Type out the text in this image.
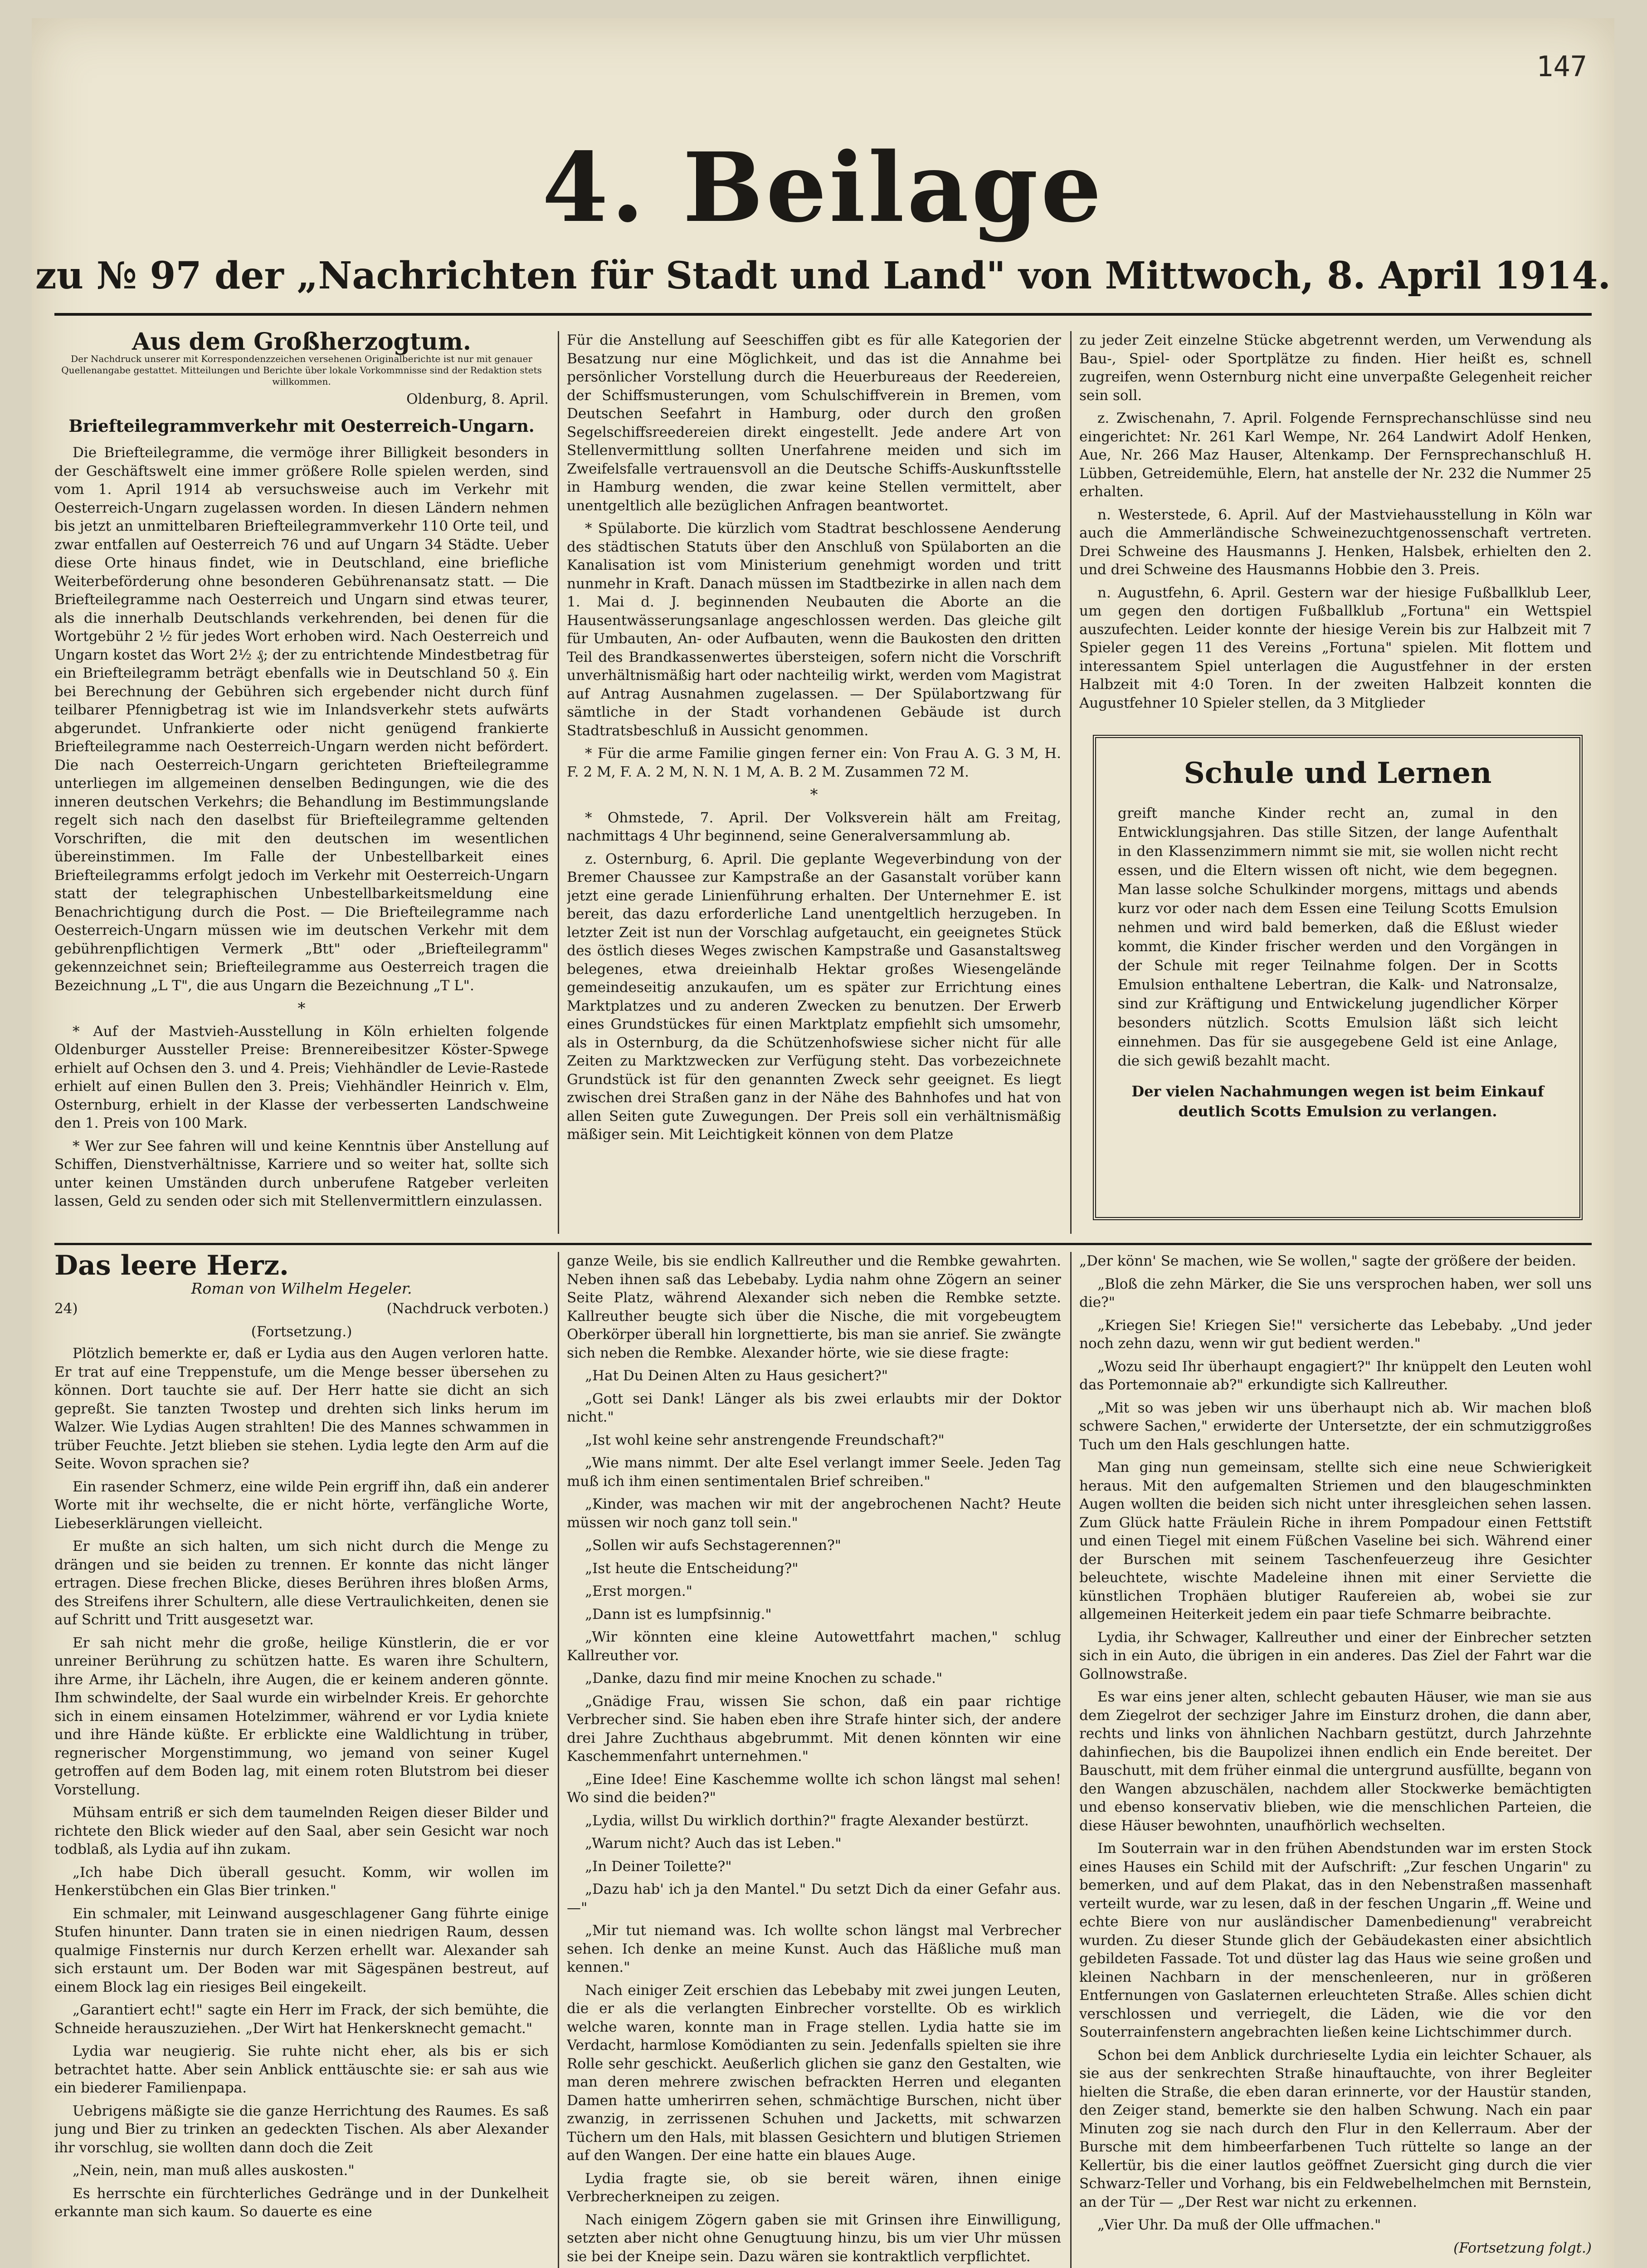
147
4. Beilage
zu № 97 der „Nachrichten für Stadt und Land" von Mittwoch, 8. April 1914.
Aus dem Großherzogtum.
Der Nachdruck unserer mit Korrespondenzzeichen versehenen Originalberichte ist nur mit genauer Quellenangabe gestattet. Mitteilungen und Berichte über lokale Vorkommnisse sind der Redaktion stets willkommen.
Oldenburg, 8. April.
Briefteilegrammverkehr mit Oesterreich-Ungarn.

Die Briefteilegramme, die vermöge ihrer Billigkeit besonders in der Geschäftswelt eine immer größere Rolle spielen werden, sind vom 1. April 1914 ab versuchsweise auch im Verkehr mit Oesterreich-Ungarn zugelassen worden. In diesen Ländern nehmen bis jetzt an unmittelbaren Briefteilegrammverkehr 110 Orte teil, und zwar entfallen auf Oesterreich 76 und auf Ungarn 34 Städte. Ueber diese Orte hinaus findet, wie in Deutschland, eine briefliche Weiterbeförderung ohne besonderen Gebührenansatz statt. — Die Briefteilegramme nach Oesterreich und Ungarn sind etwas teurer, als die innerhalb Deutschlands verkehrenden, bei denen für die Wortgebühr 2 ½ für jedes Wort erhoben wird. Nach Oesterreich und Ungarn kostet das Wort 2½ ₰; der zu entrichtende Mindestbetrag für ein Briefteilegramm beträgt ebenfalls wie in Deutschland 50 ₰. Ein bei Berechnung der Gebühren sich ergebender nicht durch fünf teilbarer Pfennigbetrag ist wie im Inlandsverkehr stets aufwärts abgerundet. Unfrankierte oder nicht genügend frankierte Briefteilegramme nach Oesterreich-Ungarn werden nicht befördert. Die nach Oesterreich-Ungarn gerichteten Briefteilegramme unterliegen im allgemeinen denselben Bedingungen, wie die des inneren deutschen Verkehrs; die Behandlung im Bestimmungslande regelt sich nach den daselbst für Briefteilegramme geltenden Vorschriften, die mit den deutschen im wesentlichen übereinstimmen. Im Falle der Unbestellbarkeit eines Briefteilegramms erfolgt jedoch im Verkehr mit Oesterreich-Ungarn statt der telegraphischen Unbestellbarkeitsmeldung eine Benachrichtigung durch die Post. — Die Briefteilegramme nach Oesterreich-Ungarn müssen wie im deutschen Verkehr mit dem gebührenpflichtigen Vermerk „Btt" oder „Briefteilegramm" gekennzeichnet sein; Briefteilegramme aus Oesterreich tragen die Bezeichnung „L T", die aus Ungarn die Bezeichnung „T L".

*

* Auf der Mastvieh-Ausstellung in Köln erhielten folgende Oldenburger Aussteller Preise: Brennereibesitzer Köster-Spwege erhielt auf Ochsen den 3. und 4. Preis; Viehhändler de Levie-Rastede erhielt auf einen Bullen den 3. Preis; Viehhändler Heinrich v. Elm, Osternburg, erhielt in der Klasse der verbesserten Landschweine den 1. Preis von 100 Mark.

* Wer zur See fahren will und keine Kenntnis über Anstellung auf Schiffen, Dienstverhältnisse, Karriere und so weiter hat, sollte sich unter keinen Umständen durch unberufene Ratgeber verleiten lassen, Geld zu senden oder sich mit Stellenvermittlern einzulassen.

Für die Anstellung auf Seeschiffen gibt es für alle Kategorien der Besatzung nur eine Möglichkeit, und das ist die Annahme bei persönlicher Vorstellung durch die Heuerbureaus der Reedereien, der Schiffsmusterungen, vom Schulschiffverein in Bremen, vom Deutschen Seefahrt in Hamburg, oder durch den großen Segelschiffsreedereien direkt eingestellt. Jede andere Art von Stellenvermittlung sollten Unerfahrene meiden und sich im Zweifelsfalle vertrauensvoll an die Deutsche Schiffs-Auskunftsstelle in Hamburg wenden, die zwar keine Stellen vermittelt, aber unentgeltlich alle bezüglichen Anfragen beantwortet.

* Spülaborte. Die kürzlich vom Stadtrat beschlossene Aenderung des städtischen Statuts über den Anschluß von Spülaborten an die Kanalisation ist vom Ministerium genehmigt worden und tritt nunmehr in Kraft. Danach müssen im Stadtbezirke in allen nach dem 1. Mai d. J. beginnenden Neubauten die Aborte an die Hausentwässerungsanlage angeschlossen werden. Das gleiche gilt für Umbauten, An- oder Aufbauten, wenn die Baukosten den dritten Teil des Brandkassenwertes übersteigen, sofern nicht die Vorschrift unverhältnismäßig hart oder nachteilig wirkt, werden vom Magistrat auf Antrag Ausnahmen zugelassen. — Der Spülabortzwang für sämtliche in der Stadt vorhandenen Gebäude ist durch Stadtratsbeschluß in Aussicht genommen.

* Für die arme Familie gingen ferner ein: Von Frau A. G. 3 M, H. F. 2 M, F. A. 2 M, N. N. 1 M, A. B. 2 M. Zusammen 72 M.

*

* Ohmstede, 7. April. Der Volksverein hält am Freitag, nachmittags 4 Uhr beginnend, seine Generalversammlung ab.

z. Osternburg, 6. April. Die geplante Wegeverbindung von der Bremer Chaussee zur Kampstraße an der Gasanstalt vorüber kann jetzt eine gerade Linienführung erhalten. Der Unternehmer E. ist bereit, das dazu erforderliche Land unentgeltlich herzugeben. In letzter Zeit ist nun der Vorschlag aufgetaucht, ein geeignetes Stück des östlich dieses Weges zwischen Kampstraße und Gasanstaltsweg belegenes, etwa dreieinhalb Hektar großes Wiesengelände gemeindeseitig anzukaufen, um es später zur Errichtung eines Marktplatzes und zu anderen Zwecken zu benutzen. Der Erwerb eines Grundstückes für einen Marktplatz empfiehlt sich umsomehr, als in Osternburg, da die Schützenhofswiese sicher nicht für alle Zeiten zu Marktzwecken zur Verfügung steht. Das vorbezeichnete Grundstück ist für den genannten Zweck sehr geeignet. Es liegt zwischen drei Straßen ganz in der Nähe des Bahnhofes und hat von allen Seiten gute Zuwegungen. Der Preis soll ein verhältnismäßig mäßiger sein. Mit Leichtigkeit können von dem Platze

zu jeder Zeit einzelne Stücke abgetrennt werden, um Verwendung als Bau-, Spiel- oder Sportplätze zu finden. Hier heißt es, schnell zugreifen, wenn Osternburg nicht eine unverpaßte Gelegenheit reicher sein soll.

z. Zwischenahn, 7. April. Folgende Fernsprechanschlüsse sind neu eingerichtet: Nr. 261 Karl Wempe, Nr. 264 Landwirt Adolf Henken, Aue, Nr. 266 Maz Hauser, Altenkamp. Der Fernsprechanschluß H. Lübben, Getreidemühle, Elern, hat anstelle der Nr. 232 die Nummer 25 erhalten.

n. Westerstede, 6. April. Auf der Mastviehausstellung in Köln war auch die Ammerländische Schweinezuchtgenossenschaft vertreten. Drei Schweine des Hausmanns J. Henken, Halsbek, erhielten den 2. und drei Schweine des Hausmanns Hobbie den 3. Preis.

n. Augustfehn, 6. April. Gestern war der hiesige Fußballklub Leer, um gegen den dortigen Fußballklub „Fortuna" ein Wettspiel auszufechten. Leider konnte der hiesige Verein bis zur Halbzeit mit 7 Spieler gegen 11 des Vereins „Fortuna" spielen. Mit flottem und interessantem Spiel unterlagen die Augustfehner in der ersten Halbzeit mit 4:0 Toren. In der zweiten Halbzeit konnten die Augustfehner 10 Spieler stellen, da 3 Mitglieder

Schule und Lernen
greift manche Kinder recht an, zumal in den Entwicklungsjahren. Das stille Sitzen, der lange Aufenthalt in den Klassenzimmern nimmt sie mit, sie wollen nicht recht essen, und die Eltern wissen oft nicht, wie dem begegnen. Man lasse solche Schulkinder morgens, mittags und abends kurz vor oder nach dem Essen eine Teilung Scotts Emulsion nehmen und wird bald bemerken, daß die Eßlust wieder kommt, die Kinder frischer werden und den Vorgängen in der Schule mit reger Teilnahme folgen. Der in Scotts Emulsion enthaltene Lebertran, die Kalk- und Natronsalze, sind zur Kräftigung und Entwickelung jugendlicher Körper besonders nützlich. Scotts Emulsion läßt sich leicht einnehmen. Das für sie ausgegebene Geld ist eine Anlage, die sich gewiß bezahlt macht.
Der vielen Nachahmungen wegen ist beim Einkauf deutlich Scotts Emulsion zu verlangen.
Das leere Herz.
Roman von Wilhelm Hegeler.
24)	(Nachdruck verboten.)
(Fortsetzung.)

Plötzlich bemerkte er, daß er Lydia aus den Augen verloren hatte. Er trat auf eine Treppenstufe, um die Menge besser übersehen zu können. Dort tauchte sie auf. Der Herr hatte sie dicht an sich gepreßt. Sie tanzten Twostep und drehten sich links herum im Walzer. Wie Lydias Augen strahlten! Die des Mannes schwammen in trüber Feuchte. Jetzt blieben sie stehen. Lydia legte den Arm auf die Seite. Wovon sprachen sie?

Ein rasender Schmerz, eine wilde Pein ergriff ihn, daß ein anderer Worte mit ihr wechselte, die er nicht hörte, verfängliche Worte, Liebeserklärungen vielleicht.

Er mußte an sich halten, um sich nicht durch die Menge zu drängen und sie beiden zu trennen. Er konnte das nicht länger ertragen. Diese frechen Blicke, dieses Berühren ihres bloßen Arms, des Streifens ihrer Schultern, alle diese Vertraulichkeiten, denen sie auf Schritt und Tritt ausgesetzt war.

Er sah nicht mehr die große, heilige Künstlerin, die er vor unreiner Berührung zu schützen hatte. Es waren ihre Schultern, ihre Arme, ihr Lächeln, ihre Augen, die er keinem anderen gönnte. Ihm schwindelte, der Saal wurde ein wirbelnder Kreis. Er gehorchte sich in einem einsamen Hotelzimmer, während er vor Lydia kniete und ihre Hände küßte. Er erblickte eine Waldlichtung in trüber, regnerischer Morgenstimmung, wo jemand von seiner Kugel getroffen auf dem Boden lag, mit einem roten Blutstrom bei dieser Vorstellung.

Mühsam entriß er sich dem taumelnden Reigen dieser Bilder und richtete den Blick wieder auf den Saal, aber sein Gesicht war noch todblaß, als Lydia auf ihn zukam.

„Ich habe Dich überall gesucht. Komm, wir wollen im Henkerstübchen ein Glas Bier trinken."

Ein schmaler, mit Leinwand ausgeschlagener Gang führte einige Stufen hinunter. Dann traten sie in einen niedrigen Raum, dessen qualmige Finsternis nur durch Kerzen erhellt war. Alexander sah sich erstaunt um. Der Boden war mit Sägespänen bestreut, auf einem Block lag ein riesiges Beil eingekeilt.

„Garantiert echt!" sagte ein Herr im Frack, der sich bemühte, die Schneide herauszuziehen. „Der Wirt hat Henkersknecht gemacht."

Lydia war neugierig. Sie ruhte nicht eher, als bis er sich betrachtet hatte. Aber sein Anblick enttäuschte sie: er sah aus wie ein biederer Familienpapa.

Uebrigens mäßigte sie die ganze Herrichtung des Raumes. Es saß jung und Bier zu trinken an gedeckten Tischen. Als aber Alexander ihr vorschlug, sie wollten dann doch die Zeit

„Nein, nein, man muß alles auskosten."

Es herrschte ein fürchterliches Gedränge und in der Dunkelheit erkannte man sich kaum. So dauerte es eine

ganze Weile, bis sie endlich Kallreuther und die Rembke gewahrten. Neben ihnen saß das Lebebaby. Lydia nahm ohne Zögern an seiner Seite Platz, während Alexander sich neben die Rembke setzte. Kallreuther beugte sich über die Nische, die mit vorgebeugtem Oberkörper überall hin lorgnettierte, bis man sie anrief. Sie zwängte sich neben die Rembke. Alexander hörte, wie sie diese fragte:

„Hat Du Deinen Alten zu Haus gesichert?"

„Gott sei Dank! Länger als bis zwei erlaubts mir der Doktor nicht."

„Ist wohl keine sehr anstrengende Freundschaft?"

„Wie mans nimmt. Der alte Esel verlangt immer Seele. Jeden Tag muß ich ihm einen sentimentalen Brief schreiben."

„Kinder, was machen wir mit der angebrochenen Nacht? Heute müssen wir noch ganz toll sein."

„Sollen wir aufs Sechstagerennen?"

„Ist heute die Entscheidung?"

„Erst morgen."

„Dann ist es lumpfsinnig."

„Wir könnten eine kleine Autowettfahrt machen," schlug Kallreuther vor.

„Danke, dazu find mir meine Knochen zu schade."

„Gnädige Frau, wissen Sie schon, daß ein paar richtige Verbrecher sind. Sie haben eben ihre Strafe hinter sich, der andere drei Jahre Zuchthaus abgebrummt. Mit denen könnten wir eine Kaschemmenfahrt unternehmen."

„Eine Idee! Eine Kaschemme wollte ich schon längst mal sehen! Wo sind die beiden?"

„Lydia, willst Du wirklich dorthin?" fragte Alexander bestürzt.

„Warum nicht? Auch das ist Leben."

„In Deiner Toilette?"

„Dazu hab' ich ja den Mantel." Du setzt Dich da einer Gefahr aus. —"

„Mir tut niemand was. Ich wollte schon längst mal Verbrecher sehen. Ich denke an meine Kunst. Auch das Häßliche muß man kennen."

Nach einiger Zeit erschien das Lebebaby mit zwei jungen Leuten, die er als die verlangten Einbrecher vorstellte. Ob es wirklich welche waren, konnte man in Frage stellen. Lydia hatte sie im Verdacht, harmlose Komödianten zu sein. Jedenfalls spielten sie ihre Rolle sehr geschickt. Aeußerlich glichen sie ganz den Gestalten, wie man deren mehrere zwischen befrackten Herren und eleganten Damen hatte umherirren sehen, schmächtige Burschen, nicht über zwanzig, in zerrissenen Schuhen und Jacketts, mit schwarzen Tüchern um den Hals, mit blassen Gesichtern und blutigen Striemen auf den Wangen. Der eine hatte ein blaues Auge.

Lydia fragte sie, ob sie bereit wären, ihnen einige Verbrecherkneipen zu zeigen.

Nach einigem Zögern gaben sie mit Grinsen ihre Einwilligung, setzten aber nicht ohne Genugtuung hinzu, bis um vier Uhr müssen sie bei der Kneipe sein. Dazu wären sie kontraktlich verpflichtet.

„Der könn' Se machen, wie Se wollen," sagte der größere der beiden.

„Bloß die zehn Märker, die Sie uns versprochen haben, wer soll uns die?"

„Kriegen Sie! Kriegen Sie!" versicherte das Lebebaby. „Und jeder noch zehn dazu, wenn wir gut bedient werden."

„Wozu seid Ihr überhaupt engagiert?" Ihr knüppelt den Leuten wohl das Portemonnaie ab?" erkundigte sich Kallreuther.

„Mit so was jeben wir uns überhaupt nich ab. Wir machen bloß schwere Sachen," erwiderte der Untersetzte, der ein schmutziggroßes Tuch um den Hals geschlungen hatte.

Man ging nun gemeinsam, stellte sich eine neue Schwierigkeit heraus. Mit den aufgemalten Striemen und den blaugeschminkten Augen wollten die beiden sich nicht unter ihresgleichen sehen lassen. Zum Glück hatte Fräulein Riche in ihrem Pompadour einen Fettstift und einen Tiegel mit einem Füßchen Vaseline bei sich. Während einer der Burschen mit seinem Taschenfeuerzeug ihre Gesichter beleuchtete, wischte Madeleine ihnen mit einer Serviette die künstlichen Trophäen blutiger Raufereien ab, wobei sie zur allgemeinen Heiterkeit jedem ein paar tiefe Schmarre beibrachte.

Lydia, ihr Schwager, Kallreuther und einer der Einbrecher setzten sich in ein Auto, die übrigen in ein anderes. Das Ziel der Fahrt war die Gollnowstraße.

Es war eins jener alten, schlecht gebauten Häuser, wie man sie aus dem Ziegelrot der sechziger Jahre im Einsturz drohen, die dann aber, rechts und links von ähnlichen Nachbarn gestützt, durch Jahrzehnte dahinfiechen, bis die Baupolizei ihnen endlich ein Ende bereitet. Der Bauschutt, mit dem früher einmal die untergrund ausfüllte, begann von den Wangen abzuschälen, nachdem aller Stockwerke bemächtigten und ebenso konservativ blieben, wie die menschlichen Parteien, die diese Häuser bewohnten, unaufhörlich wechselten.

Im Souterrain war in den frühen Abendstunden war im ersten Stock eines Hauses ein Schild mit der Aufschrift: „Zur feschen Ungarin" zu bemerken, und auf dem Plakat, das in den Nebenstraßen massenhaft verteilt wurde, war zu lesen, daß in der feschen Ungarin „ff. Weine und echte Biere von nur ausländischer Damenbedienung" verabreicht wurden. Zu dieser Stunde glich der Gebäudekasten einer absichtlich gebildeten Fassade. Tot und düster lag das Haus wie seine großen und kleinen Nachbarn in der menschenleeren, nur in größeren Entfernungen von Gaslaternen erleuchteten Straße. Alles schien dicht verschlossen und verriegelt, die Läden, wie die vor den Souterrainfenstern angebrachten ließen keine Lichtschimmer durch.

Schon bei dem Anblick durchrieselte Lydia ein leichter Schauer, als sie aus der senkrechten Straße hinauftauchte, von ihrer Begleiter hielten die Straße, die eben daran erinnerte, vor der Haustür standen, den Zeiger stand, bemerkte sie den halben Schwung. Nach ein paar Minuten zog sie nach durch den Flur in den Kellerraum. Aber der Bursche mit dem himbeerfarbenen Tuch rüttelte so lange an der Kellertür, bis die einer lautlos geöffnet Zuersicht ging durch die vier Schwarz-Teller und Vorhang, bis ein Feldwebelhelmchen mit Bernstein, an der Tür — „Der Rest war nicht zu erkennen.

„Vier Uhr. Da muß der Olle uffmachen."

(Fortsetzung folgt.)
